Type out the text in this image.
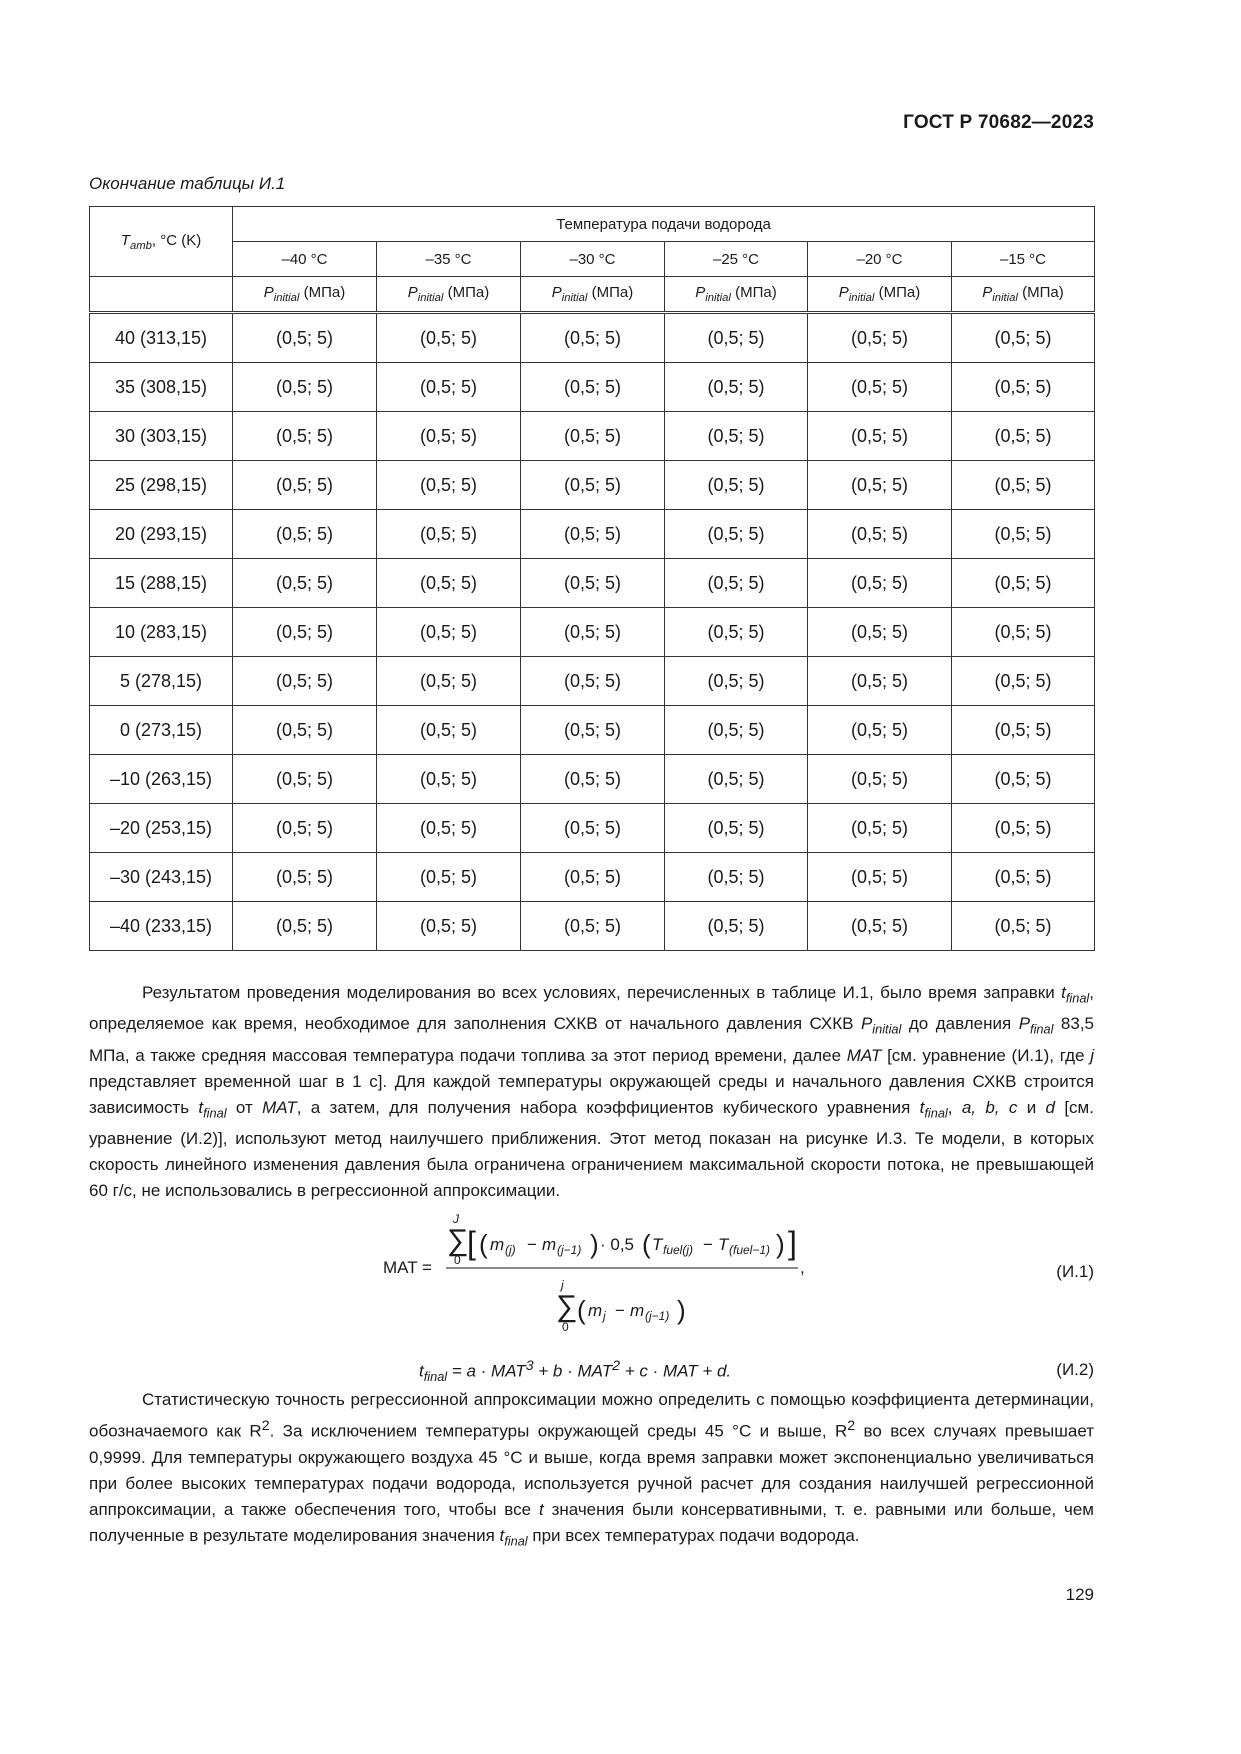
ГОСТ Р 70682—2023
Окончание таблицы И.1
$T_{amb}$, °C (K)	Температура подачи водорода					
	–40 °C	–35 °C	–30 °C	–25 °C	–20 °C	–15 °C
	$P_{initial}$ (МПа)	$P_{initial}$ (МПа)	$P_{initial}$ (МПа)	$P_{initial}$ (МПа)	$P_{initial}$ (МПа)	$P_{initial}$ (МПа)
40 (313,15)	(0,5; 5)	(0,5; 5)	(0,5; 5)	(0,5; 5)	(0,5; 5)	(0,5; 5)
35 (308,15)	(0,5; 5)	(0,5; 5)	(0,5; 5)	(0,5; 5)	(0,5; 5)	(0,5; 5)
30 (303,15)	(0,5; 5)	(0,5; 5)	(0,5; 5)	(0,5; 5)	(0,5; 5)	(0,5; 5)
25 (298,15)	(0,5; 5)	(0,5; 5)	(0,5; 5)	(0,5; 5)	(0,5; 5)	(0,5; 5)
20 (293,15)	(0,5; 5)	(0,5; 5)	(0,5; 5)	(0,5; 5)	(0,5; 5)	(0,5; 5)
15 (288,15)	(0,5; 5)	(0,5; 5)	(0,5; 5)	(0,5; 5)	(0,5; 5)	(0,5; 5)
10 (283,15)	(0,5; 5)	(0,5; 5)	(0,5; 5)	(0,5; 5)	(0,5; 5)	(0,5; 5)
5 (278,15)	(0,5; 5)	(0,5; 5)	(0,5; 5)	(0,5; 5)	(0,5; 5)	(0,5; 5)
0 (273,15)	(0,5; 5)	(0,5; 5)	(0,5; 5)	(0,5; 5)	(0,5; 5)	(0,5; 5)
–10 (263,15)	(0,5; 5)	(0,5; 5)	(0,5; 5)	(0,5; 5)	(0,5; 5)	(0,5; 5)
–20 (253,15)	(0,5; 5)	(0,5; 5)	(0,5; 5)	(0,5; 5)	(0,5; 5)	(0,5; 5)
–30 (243,15)	(0,5; 5)	(0,5; 5)	(0,5; 5)	(0,5; 5)	(0,5; 5)	(0,5; 5)
–40 (233,15)	(0,5; 5)	(0,5; 5)	(0,5; 5)	(0,5; 5)	(0,5; 5)	(0,5; 5)

Результатом проведения моделирования во всех условиях, перечисленных в таблице И.1, было время заправки $t_{final}$, определяемое как время, необходимое для заполнения СХКВ от начального давления СХКВ $P_{initial}$ до давления $P_{final}$ 83,5 МПа, а также средняя массовая температура подачи топлива за этот период времени, далее MAT [см. уравнение (И.1), где j представляет временной шаг в 1 с]. Для каждой температуры окружающей среды и начального давления СХКВ строится зависимость $t_{final}$ от MAT, а затем, для получения набора коэффициентов кубического уравнения $t_{final}$, a, b, c и d [см. уравнение (И.2)], используют метод наилучшего приближения. Этот метод показан на рисунке И.3. Те модели, в которых скорость линейного изменения давления была ограничена ограничением максимальной скорости потока, не превышающей 60 г/с, не использовались в регрессионной аппроксимации.

MAT =
J
∑
0 [ ( m (j) − m (j−1) ) · 0,5 ( T fuel(j) − T (fuel−1) ) ]
,
j
∑
0
( m j − m (j−1) )
(И.1)
$t_{final} = a \cdot MAT^3 + b \cdot MAT^2 + c$ · MAT + d.	(И.2)

Статистическую точность регрессионной аппроксимации можно определить с помощью коэффициента детерминации, обозначаемого как $R^2$. За исключением температуры окружающей среды 45 °C и выше, $R^2$ во всех случаях превышает 0,9999. Для температуры окружающего воздуха 45 °C и выше, когда время заправки может экспоненциально увеличиваться при более высоких температурах подачи водорода, используется ручной расчет для создания наилучшей регрессионной аппроксимации, а также обеспечения того, чтобы все t значения были консервативными, т. е. равными или больше, чем полученные в результате моделирования значения $t_{final}$ при всех температурах подачи водорода.

129
